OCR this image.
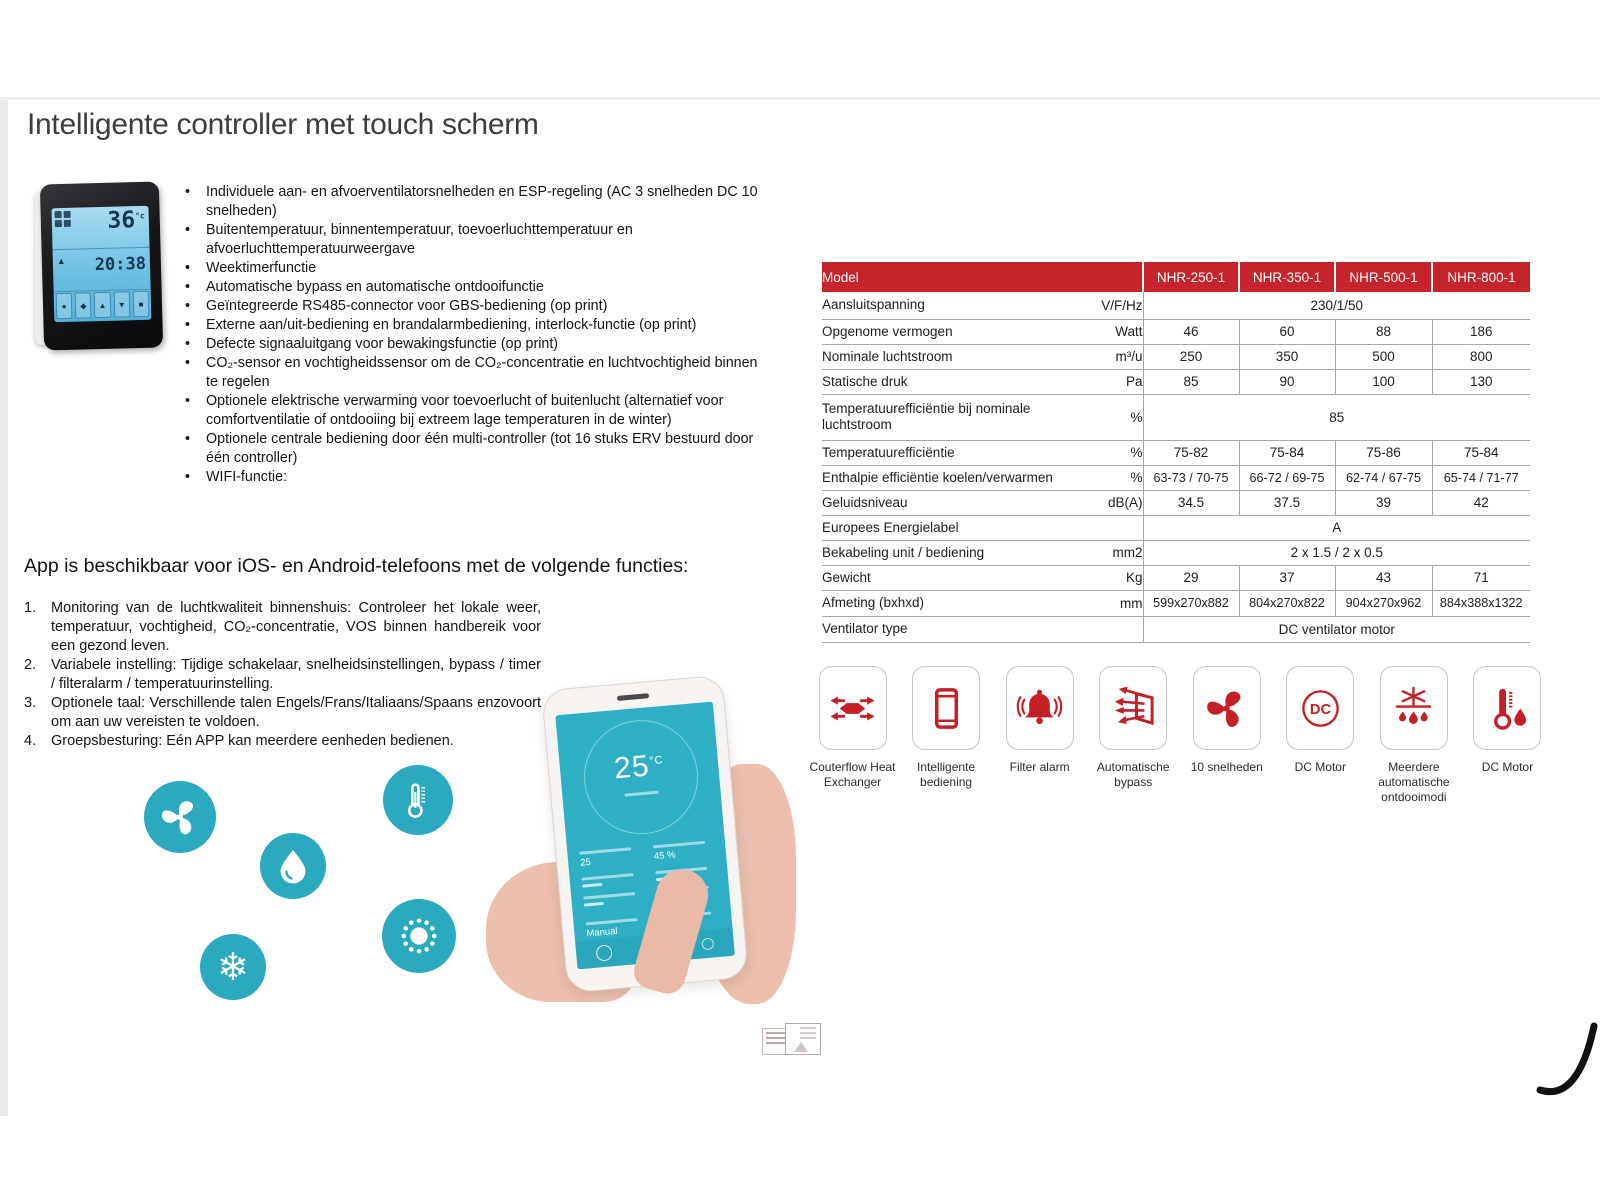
Intelligente controller met touch scherm
$36^{^\circ c}$
▲ 20:38
●	◆	▲	▼	■
• Individuele aan- en afvoerventilatorsnelheden en ESP-regeling (AC 3 snelheden DC 10 snelheden)
• Buitentemperatuur, binnentemperatuur, toevoerluchttemperatuur en afvoerluchttemperatuurweergave
• Weektimerfunctie
• Automatische bypass en automatische ontdooifunctie
• Geïntegreerde RS485-connector voor GBS-bediening (op print)
• Externe aan/uit-bediening en brandalarmbediening, interlock-functie (op print)
• Defecte signaaluitgang voor bewakingsfunctie (op print)
• CO₂-sensor en vochtigheidssensor om de CO₂-concentratie en luchtvochtigheid binnen te regelen
• Optionele elektrische verwarming voor toevoerlucht of buitenlucht (alternatief voor comfortventilatie of ontdooiing bij extreem lage temperaturen in de winter)
• Optionele centrale bediening door één multi-controller (tot 16 stuks ERV bestuurd door één controller)
• WIFI-functie:
App is beschikbaar voor iOS- en Android-telefoons met de volgende functies:
1.	Monitoring van de luchtkwaliteit binnenshuis: Controleer het lokale weer, temperatuur, vochtigheid, CO₂-concentratie, VOS binnen handbereik voor een gezond leven.
2.	Variabele instelling: Tijdige schakelaar, snelheidsinstellingen, bypass / timer / filteralarm / temperatuurinstelling.
3.	Optionele taal: Verschillende talen Engels/Frans/Italiaans/Spaans enzovoort om aan uw vereisten te voldoen.
4.	Groepsbesturing: Eén APP kan meerdere eenheden bedienen.
❄
$25^{^\circ C}$
25
45 %
Manual
Model		NHR-250-1	NHR-350-1	NHR-500-1	NHR-800-1
Aansluitspanning	V/F/Hz	230/1/50			
Opgenome vermogen	Watt	46	60	88	186
Nominale luchtstroom	m³/u	250	350	500	800
Statische druk	Pa	85	90	100	130
Temperatuurefficiëntie bij nominale luchtstroom	%	85			
Temperatuurefficiëntie	%	75-82	75-84	75-86	75-84
Enthalpie efficiëntie koelen/verwarmen	%	63-73 / 70-75	66-72 / 69-75	62-74 / 67-75	65-74 / 71-77
Geluidsniveau	dB(A)	34.5	37.5	39	42
Europees Energielabel		A			
Bekabeling unit / bediening	mm2	2 x 1.5 / 2 x 0.5			
Gewicht	Kg	29	37	43	71
Afmeting (bxhxd)	mm	599x270x882	804x270x822	904x270x962	884x388x1322
Ventilator type		DC ventilator motor			
Couterflow Heat Exchanger
Intelligente bediening
Filter alarm	Automatische bypass
10 snelheden
DC
DC Motor	Meerdere automatische ontdooimodi
DC Motor
